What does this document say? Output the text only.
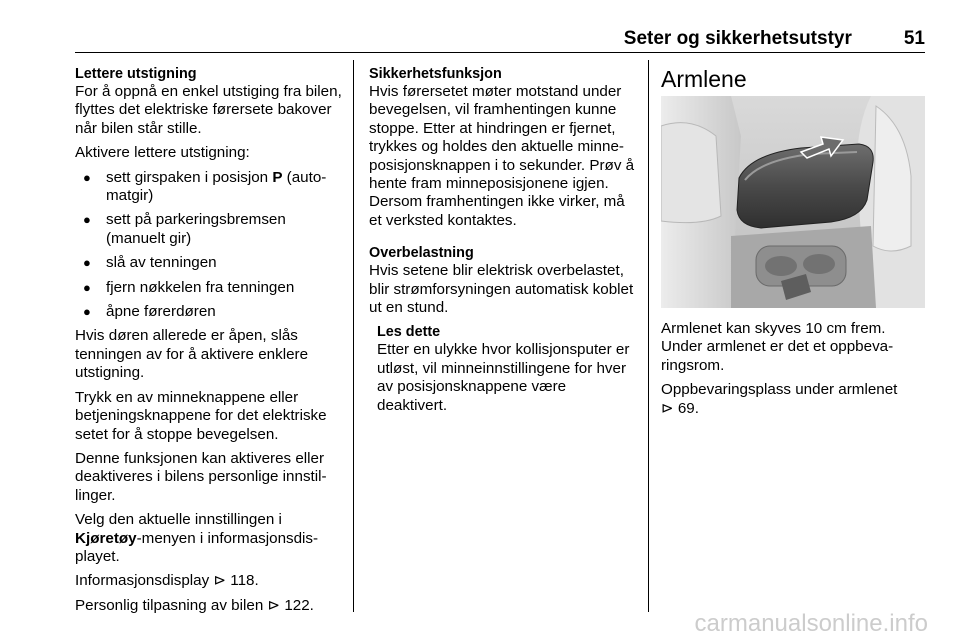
Seter og sikkerhetsutstyr	51
Lettere utstigning

For å oppnå en enkel utstiging fra bilen, flyttes det elektriske førersete bakover når bilen står stille.

Aktivere lettere utstigning:

● sett girspaken i posisjon P (automatgir)
● sett på parkeringsbremsen (manuelt gir)
● slå av tenningen
● fjern nøkkelen fra tenningen
● åpne førerdøren

Hvis døren allerede er åpen, slås tenningen av for å aktivere enklere utstigning.

Trykk en av minneknappene eller betjeningsknappene for det elektriske setet for å stoppe bevegelsen.

Denne funksjonen kan aktiveres eller deaktiveres i bilens personlige innstillinger.

Velg den aktuelle innstillingen i
Kjøretøy-menyen i informasjonsdisplayet.

Informasjonsdisplay ⊳ 118.

Personlig tilpasning av bilen ⊳ 122.

Sikkerhetsfunksjon

Hvis førersetet møter motstand under bevegelsen, vil framhentingen kunne stoppe. Etter at hindringen er fjernet, trykkes og holdes den aktuelle minneposisjonsknappen i to sekunder. Prøv å hente fram minneposisjonene igjen. Dersom framhentingen ikke virker, må et verksted kontaktes.

Overbelastning

Hvis setene blir elektrisk overbelastet, blir strømforsyningen automatisk koblet ut en stund.

Les dette

Etter en ulykke hvor kollisjonsputer er utløst, vil minneinnstillingene for hver av posisjonsknappene være deaktivert.

Armlene

Armlenet kan skyves 10 cm frem. Under armlenet er det et oppbevaringsrom.

Oppbevaringsplass under armlenet
⊳ 69.

carmanualsonline.info
